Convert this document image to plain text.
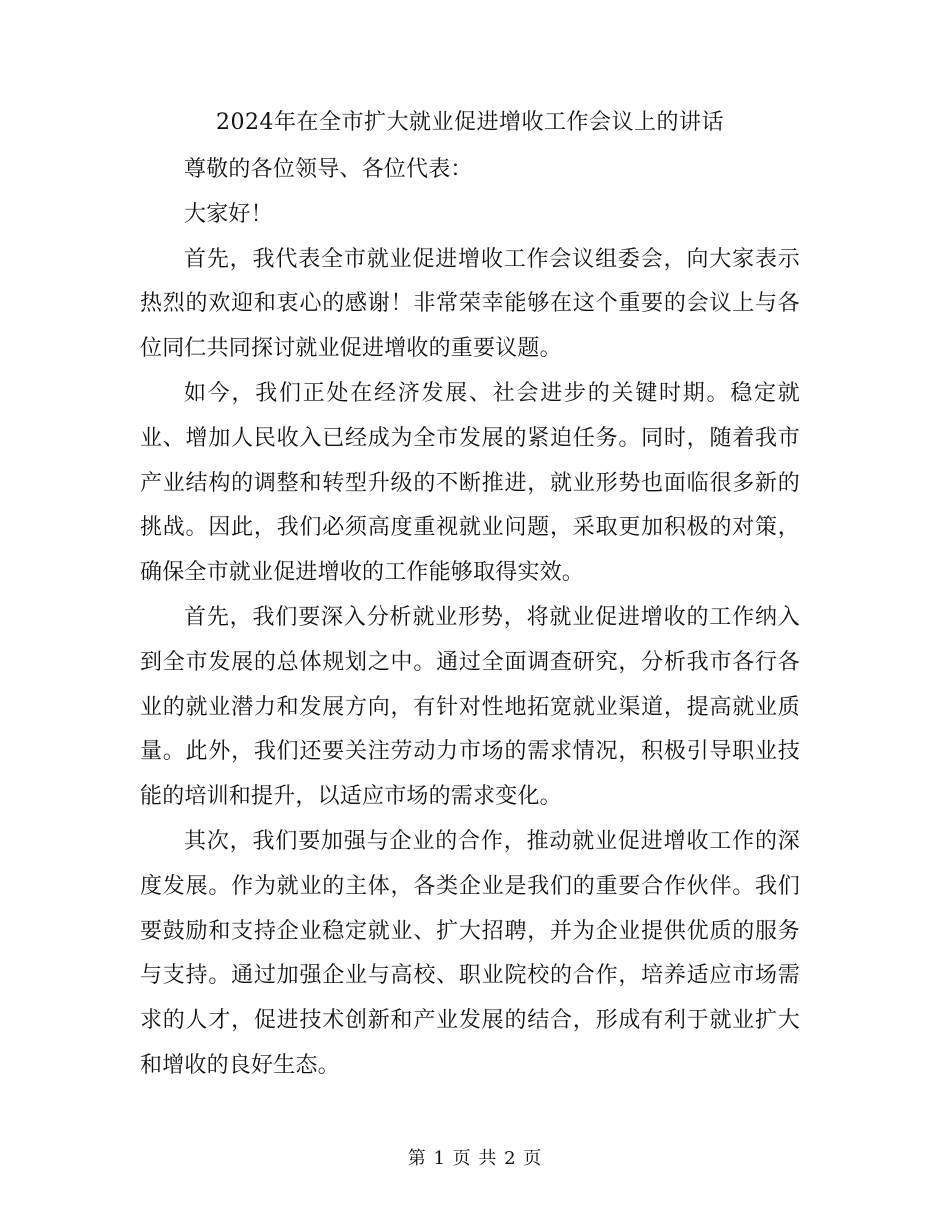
2024年在全市扩大就业促进增收工作会议上的讲话

尊敬的各位领导、各位代表：

大家好！

首先，我代表全市就业促进增收工作会议组委会，向大家表示热烈的欢迎和衷心的感谢！非常荣幸能够在这个重要的会议上与各位同仁共同探讨就业促进增收的重要议题。

如今，我们正处在经济发展、社会进步的关键时期。稳定就业、增加人民收入已经成为全市发展的紧迫任务。同时，随着我市产业结构的调整和转型升级的不断推进，就业形势也面临很多新的挑战。因此，我们必须高度重视就业问题，采取更加积极的对策，确保全市就业促进增收的工作能够取得实效。

首先，我们要深入分析就业形势，将就业促进增收的工作纳入到全市发展的总体规划之中。通过全面调查研究，分析我市各行各业的就业潜力和发展方向，有针对性地拓宽就业渠道，提高就业质量。此外，我们还要关注劳动力市场的需求情况，积极引导职业技能的培训和提升，以适应市场的需求变化。

其次，我们要加强与企业的合作，推动就业促进增收工作的深度发展。作为就业的主体，各类企业是我们的重要合作伙伴。我们要鼓励和支持企业稳定就业、扩大招聘，并为企业提供优质的服务与支持。通过加强企业与高校、职业院校的合作，培养适应市场需求的人才，促进技术创新和产业发展的结合，形成有利于就业扩大和增收的良好生态。

第 1 页 共 2 页
